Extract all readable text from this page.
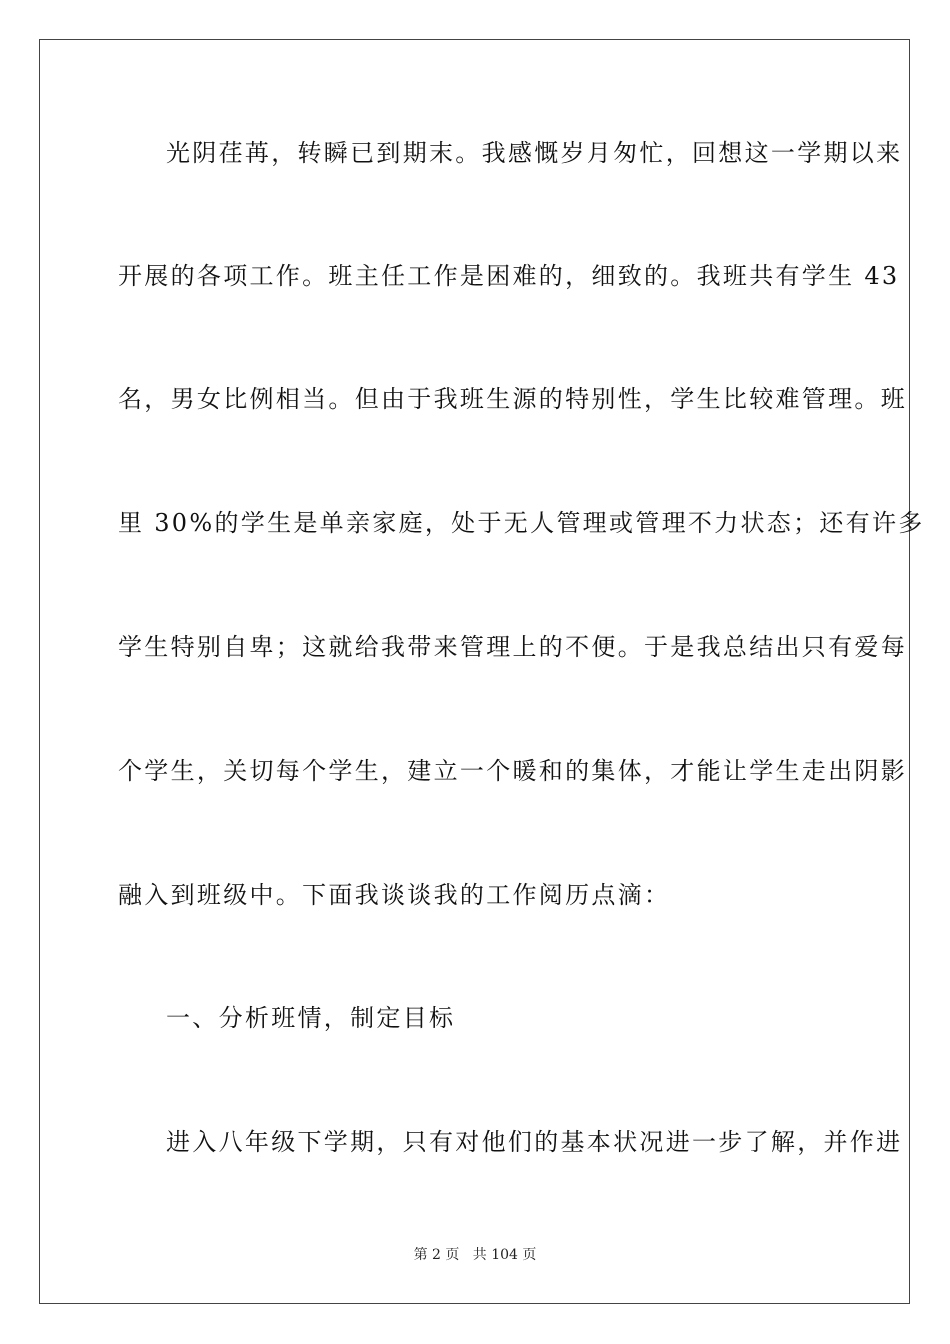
光阴荏苒，转瞬已到期末。我感慨岁月匆忙，回想这一学期以来
开展的各项工作。班主任工作是困难的，细致的。我班共有学生 43
名，男女比例相当。但由于我班生源的特别性，学生比较难管理。班
里 30%的学生是单亲家庭，处于无人管理或管理不力状态；还有许多
学生特别自卑；这就给我带来管理上的不便。于是我总结出只有爱每
个学生，关切每个学生，建立一个暖和的集体，才能让学生走出阴影
融入到班级中。下面我谈谈我的工作阅历点滴：
一、分析班情，制定目标
进入八年级下学期，只有对他们的基本状况进一步了解，并作进
第 2 页 共 104 页
